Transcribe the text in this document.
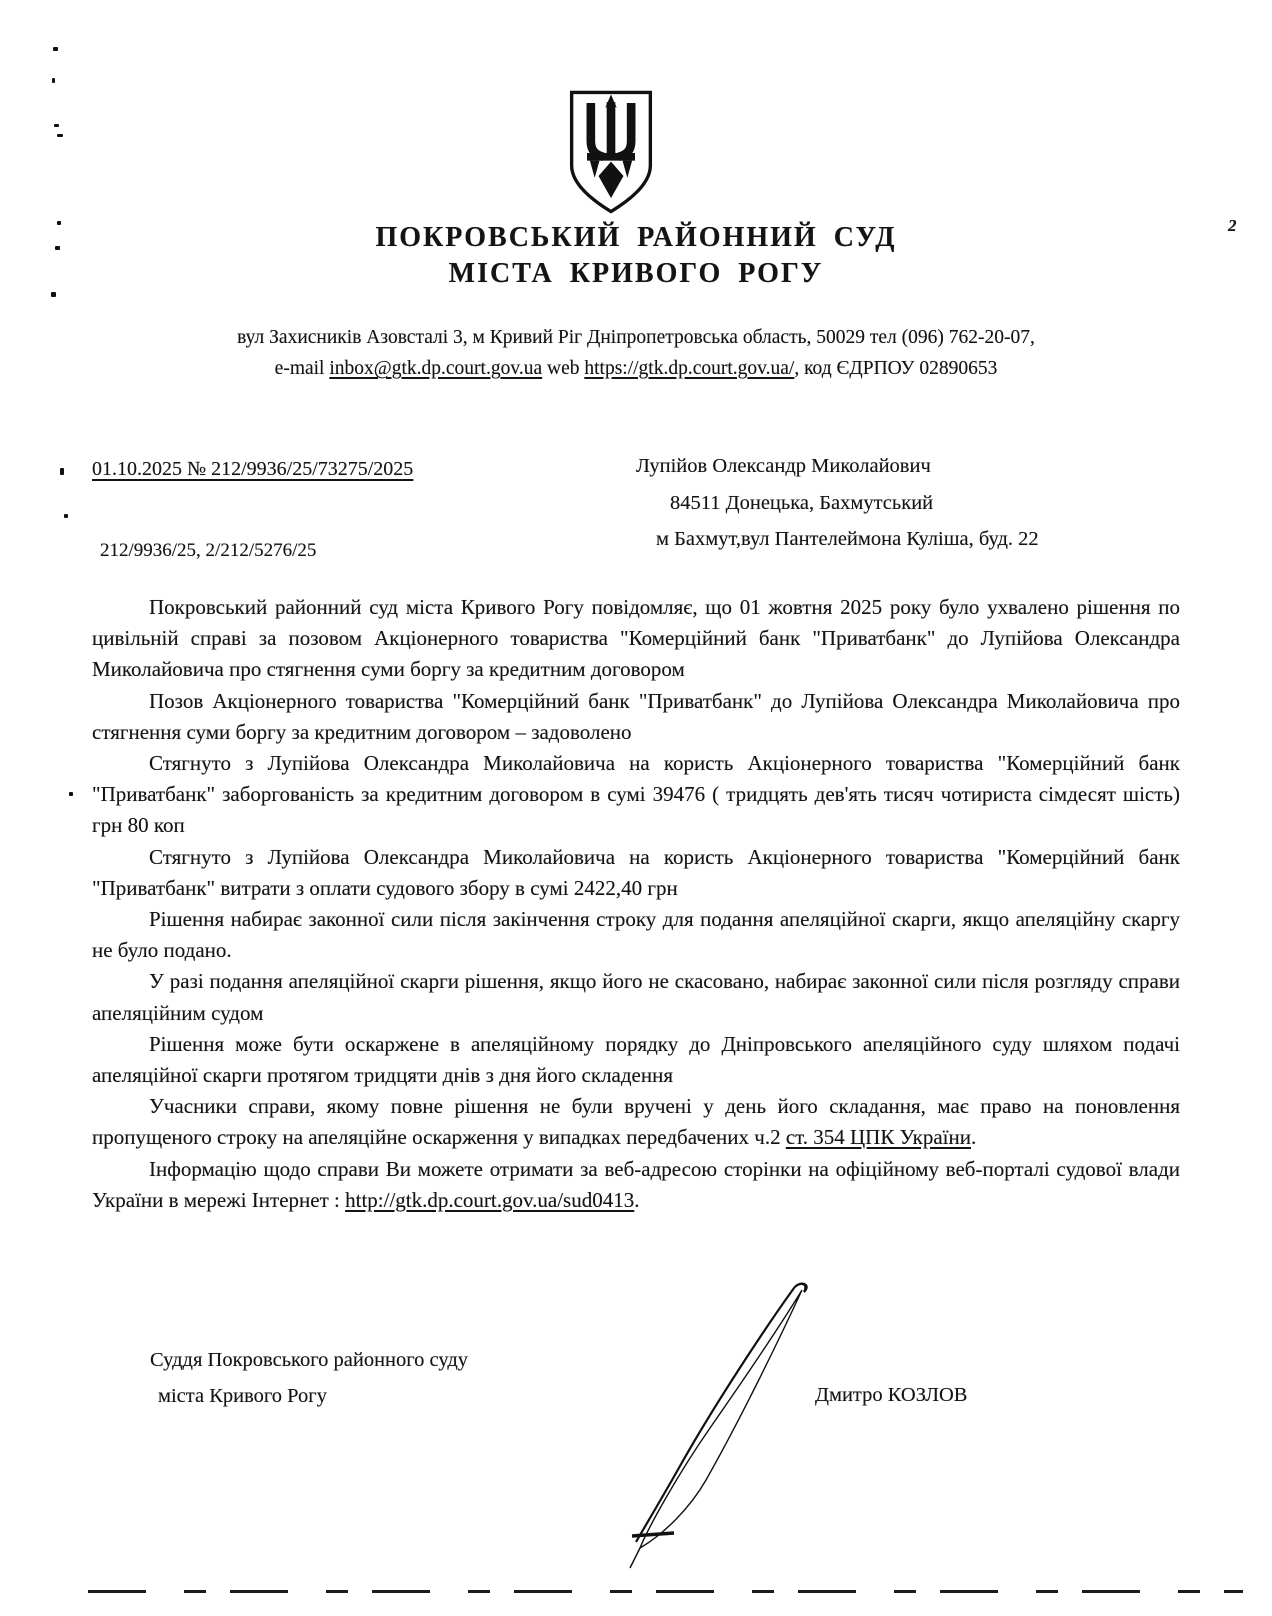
ПОКРОВСЬКИЙ РАЙОННИЙ СУД
МІСТА КРИВОГО РОГУ
вул Захисників Азовсталі 3, м Кривий Ріг Дніпропетровська область, 50029 тел (096) 762-20-07,
e-mail inbox@gtk.dp.court.gov.ua web https://gtk.dp.court.gov.ua/, код ЄДРПОУ 02890653
01.10.2025 № 212/9936/25/73275/2025	Лупійов Олександр Миколайович
84511 Донецька, Бахмутський
м Бахмут,вул Пантелеймона Куліша, буд. 22
212/9936/25, 2/212/5276/25

Покровський районний суд міста Кривого Рогу повідомляє, що 01 жовтня 2025 року було ухвалено рішення по цивільній справі за позовом Акціонерного товариства "Комерційний банк "Приватбанк" до Лупійова Олександра Миколайовича про стягнення суми боргу за кредитним договором

Позов Акціонерного товариства "Комерційний банк "Приватбанк" до Лупійова Олександра Миколайовича про стягнення суми боргу за кредитним договором – задоволено

Стягнуто з Лупійова Олександра Миколайовича на користь Акціонерного товариства "Комерційний банк "Приватбанк" заборгованість за кредитним договором в сумі 39476 ( тридцять дев'ять тисяч чотириста сімдесят шість) грн 80 коп

Стягнуто з Лупійова Олександра Миколайовича на користь Акціонерного товариства "Комерційний банк "Приватбанк" витрати з оплати судового збору в сумі 2422,40 грн

Рішення набирає законної сили після закінчення строку для подання апеляційної скарги, якщо апеляційну скаргу не було подано.

У разі подання апеляційної скарги рішення, якщо його не скасовано, набирає законної сили після розгляду справи апеляційним судом

Рішення може бути оскаржене в апеляційному порядку до Дніпровського апеляційного суду шляхом подачі апеляційної скарги протягом тридцяти днів з дня його складення

Учасники справи, якому повне рішення не були вручені у день його складання, має право на поновлення пропущеного строку на апеляційне оскарження у випадках передбачених ч.2 ст. 354 ЦПК України.

Інформацію щодо справи Ви можете отримати за веб-адресою сторінки на офіційному веб-порталі судової влади України в мережі Інтернет : http://gtk.dp.court.gov.ua/sud0413.

Суддя Покровського районного суду
міста Кривого Рогу	Дмитро КОЗЛОВ
2
